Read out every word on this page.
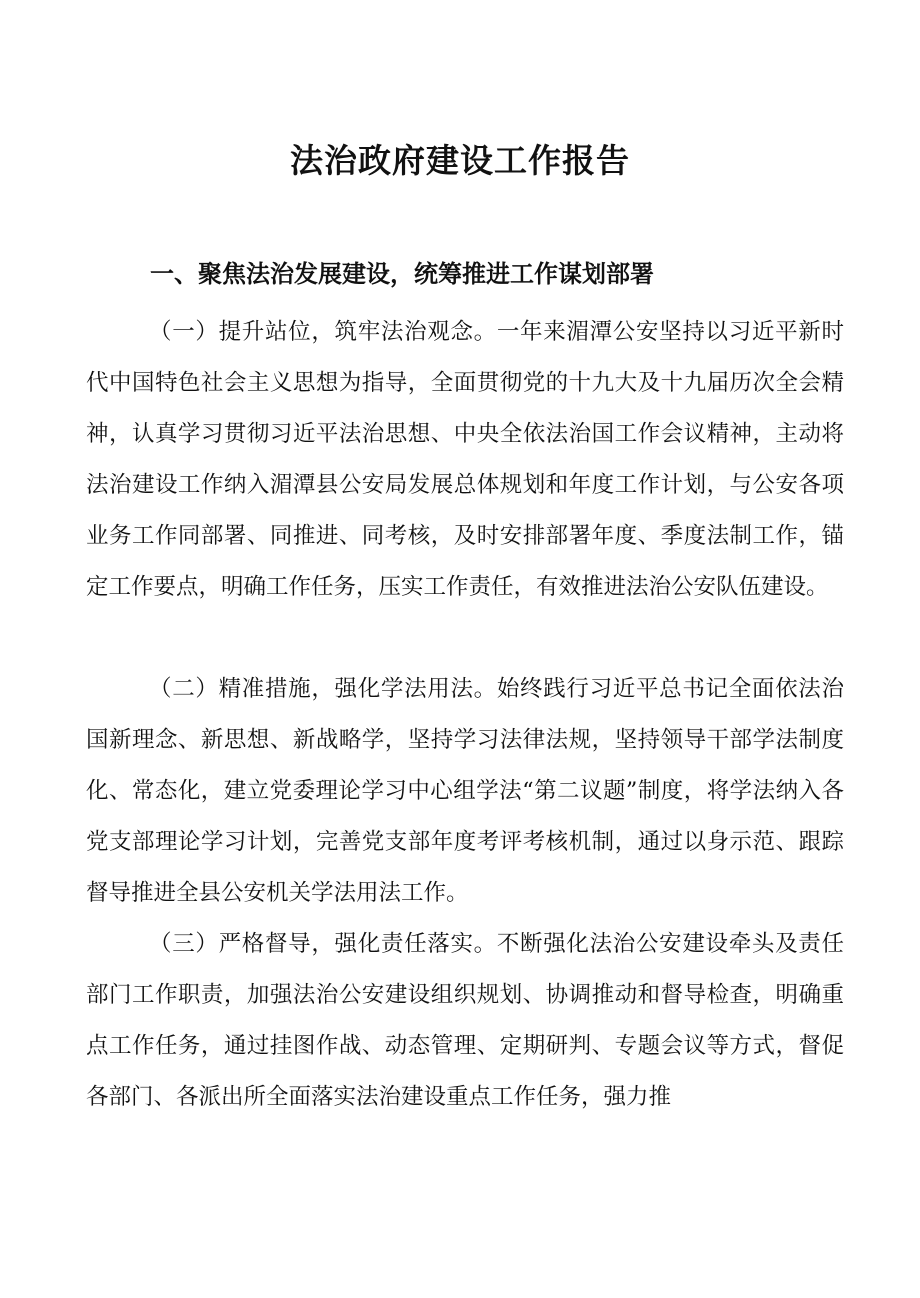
法治政府建设工作报告
一、聚焦法治发展建设，统筹推进工作谋划部署

（一）提升站位，筑牢法治观念。一年来湄潭公安坚持以习近平新时代中国特色社会主义思想为指导，全面贯彻党的十九大及十九届历次全会精神，认真学习贯彻习近平法治思想、中央全依法治国工作会议精神，主动将法治建设工作纳入湄潭县公安局发展总体规划和年度工作计划，与公安各项业务工作同部署、同推进、同考核，及时安排部署年度、季度法制工作，锚定工作要点，明确工作任务，压实工作责任，有效推进法治公安队伍建设。

（二）精准措施，强化学法用法。始终践行习近平总书记全面依法治国新理念、新思想、新战略学，坚持学习法律法规，坚持领导干部学法制度化、常态化，建立党委理论学习中心组学法“第二议题”制度，将学法纳入各党支部理论学习计划，完善党支部年度考评考核机制，通过以身示范、跟踪督导推进全县公安机关学法用法工作。

（三）严格督导，强化责任落实。不断强化法治公安建设牵头及责任部门工作职责，加强法治公安建设组织规划、协调推动和督导检查，明确重点工作任务，通过挂图作战、动态管理、定期研判、专题会议等方式，督促各部门、各派出所全面落实法治建设重点工作任务，强力推
